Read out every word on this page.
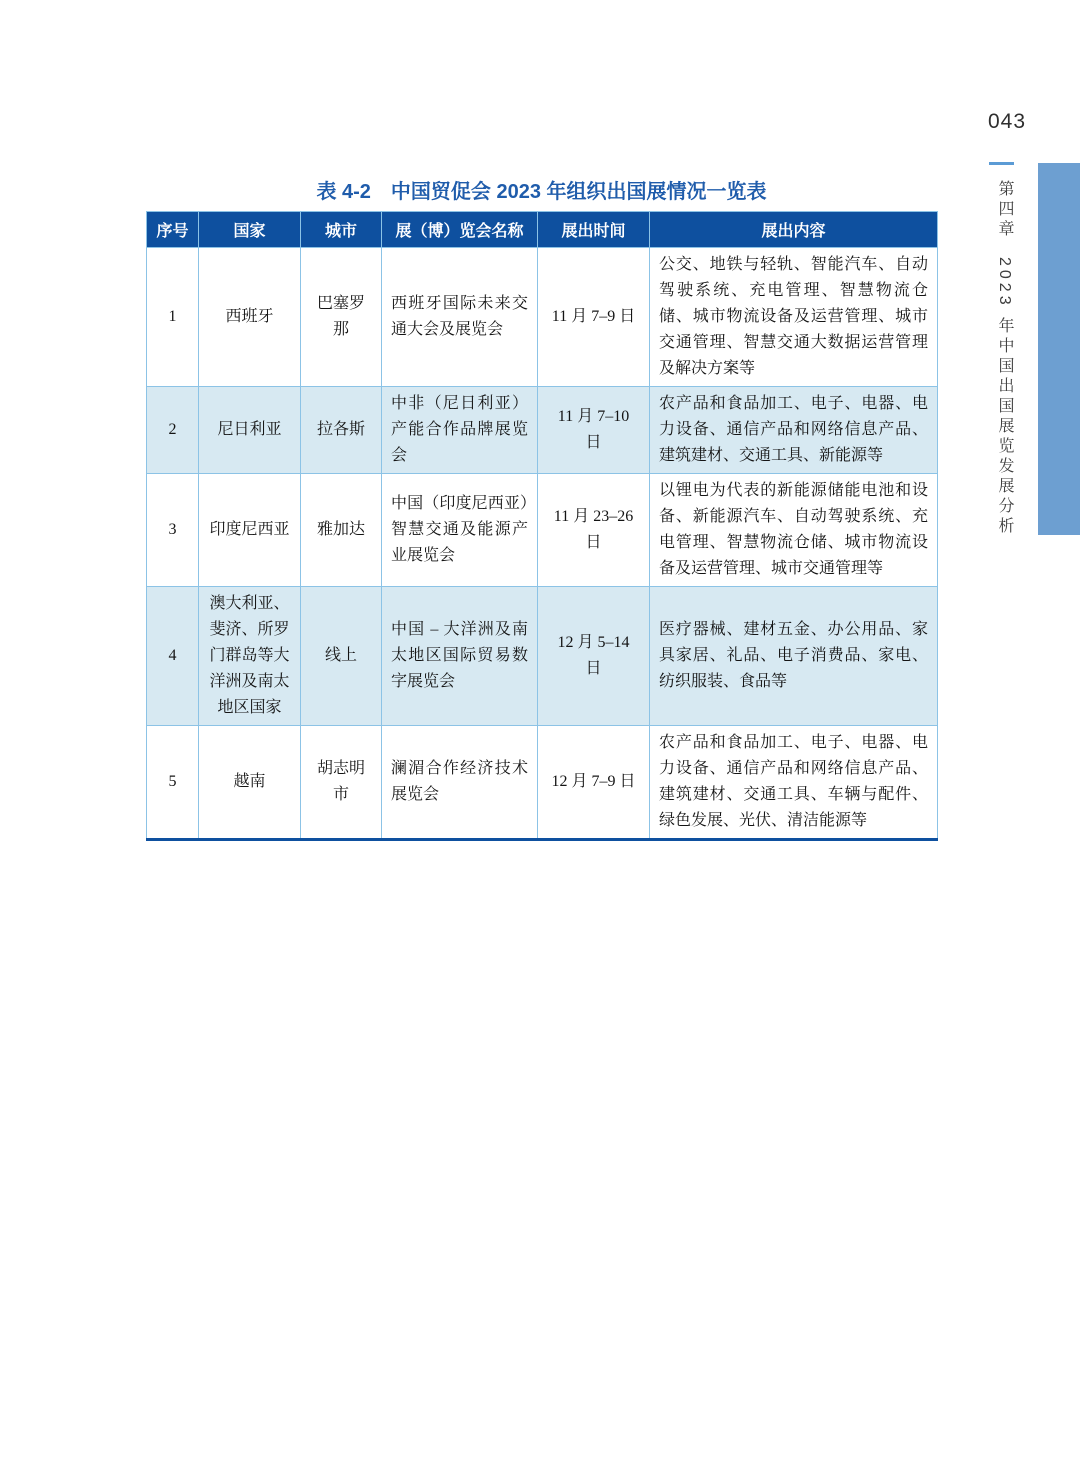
043
第四章
2023 年中国出国展览发展分析
表 4-2　中国贸促会 2023 年组织出国展情况一览表
序号	国家	城市	展（博）览会名称	展出时间	展出内容
1	西班牙	巴塞罗那	西班牙国际未来交通大会及展览会	11 月 7–9 日	公交、地铁与轻轨、智能汽车、自动驾驶系统、充电管理、智慧物流仓储、城市物流设备及运营管理、城市交通管理、智慧交通大数据运营管理及解决方案等
2	尼日利亚	拉各斯	中非（尼日利亚）产能合作品牌展览会	11 月 7–10 日	农产品和食品加工、电子、电器、电力设备、通信产品和网络信息产品、建筑建材、交通工具、新能源等
3	印度尼西亚	雅加达	中国（印度尼西亚）智慧交通及能源产业展览会	11 月 23–26 日	以锂电为代表的新能源储能电池和设备、新能源汽车、自动驾驶系统、充电管理、智慧物流仓储、城市物流设备及运营管理、城市交通管理等
4	澳大利亚、斐济、所罗门群岛等大洋洲及南太地区国家	线上	中国 – 大洋洲及南太地区国际贸易数字展览会	12 月 5–14 日	医疗器械、建材五金、办公用品、家具家居、礼品、电子消费品、家电、纺织服装、食品等
5	越南	胡志明市	澜湄合作经济技术展览会	12 月 7–9 日	农产品和食品加工、电子、电器、电力设备、通信产品和网络信息产品、建筑建材、交通工具、车辆与配件、绿色发展、光伏、清洁能源等
